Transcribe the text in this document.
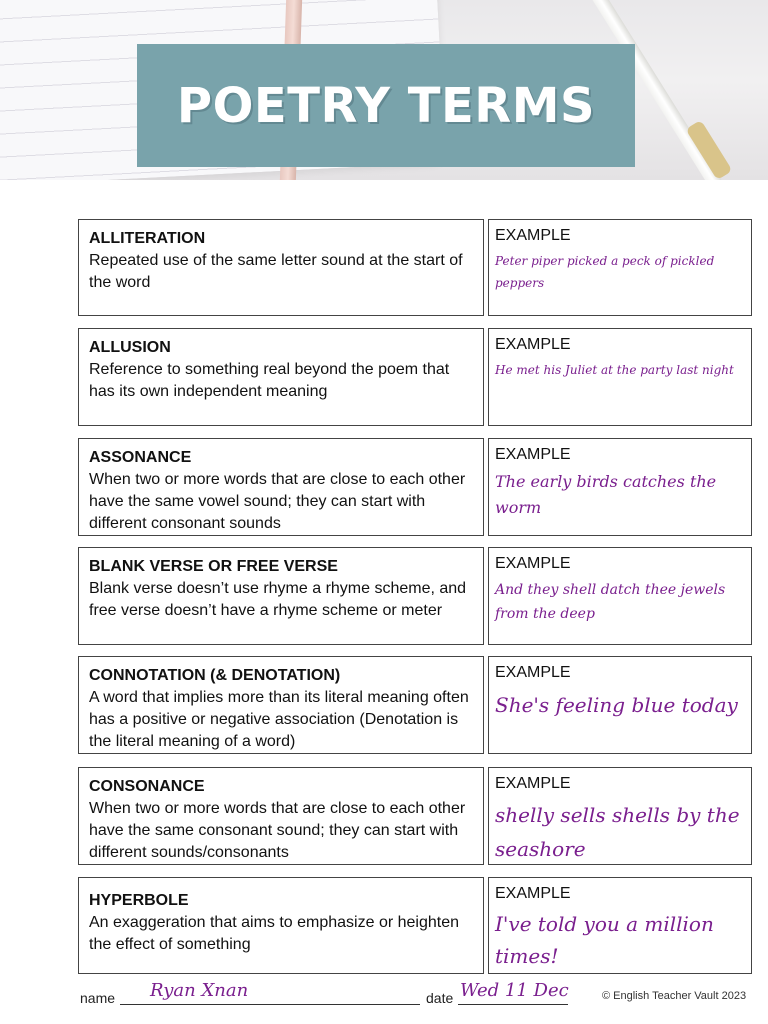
POETRY TERMS
ALLITERATION
Repeated use of the same letter sound at the start of the word
EXAMPLE
Peter piper picked a peck of pickled peppers
ALLUSION
Reference to something real beyond the poem that has its own independent meaning
EXAMPLE
He met his Juliet at the party last night
ASSONANCE
When two or more words that are close to each other have the same vowel sound; they can start with different consonant sounds
EXAMPLE
The early birds catches the worm
BLANK VERSE OR FREE VERSE
Blank verse doesn’t use rhyme a rhyme scheme, and free verse doesn’t have a rhyme scheme or meter
EXAMPLE
And they shell datch thee jewels from the deep
CONNOTATION (& DENOTATION)
A word that implies more than its literal meaning often has a positive or negative association (Denotation is the literal meaning of a word)
EXAMPLE
She's feeling blue today
CONSONANCE
When two or more words that are close to each other have the same consonant sound; they can start with different sounds/consonants
EXAMPLE
shelly sells shells by the seashore
HYPERBOLE
An exaggeration that aims to emphasize or heighten the effect of something
EXAMPLE
I've told you a million times!
name Ryan Xnan	date Wed 11 Dec	© English Teacher Vault 2023
